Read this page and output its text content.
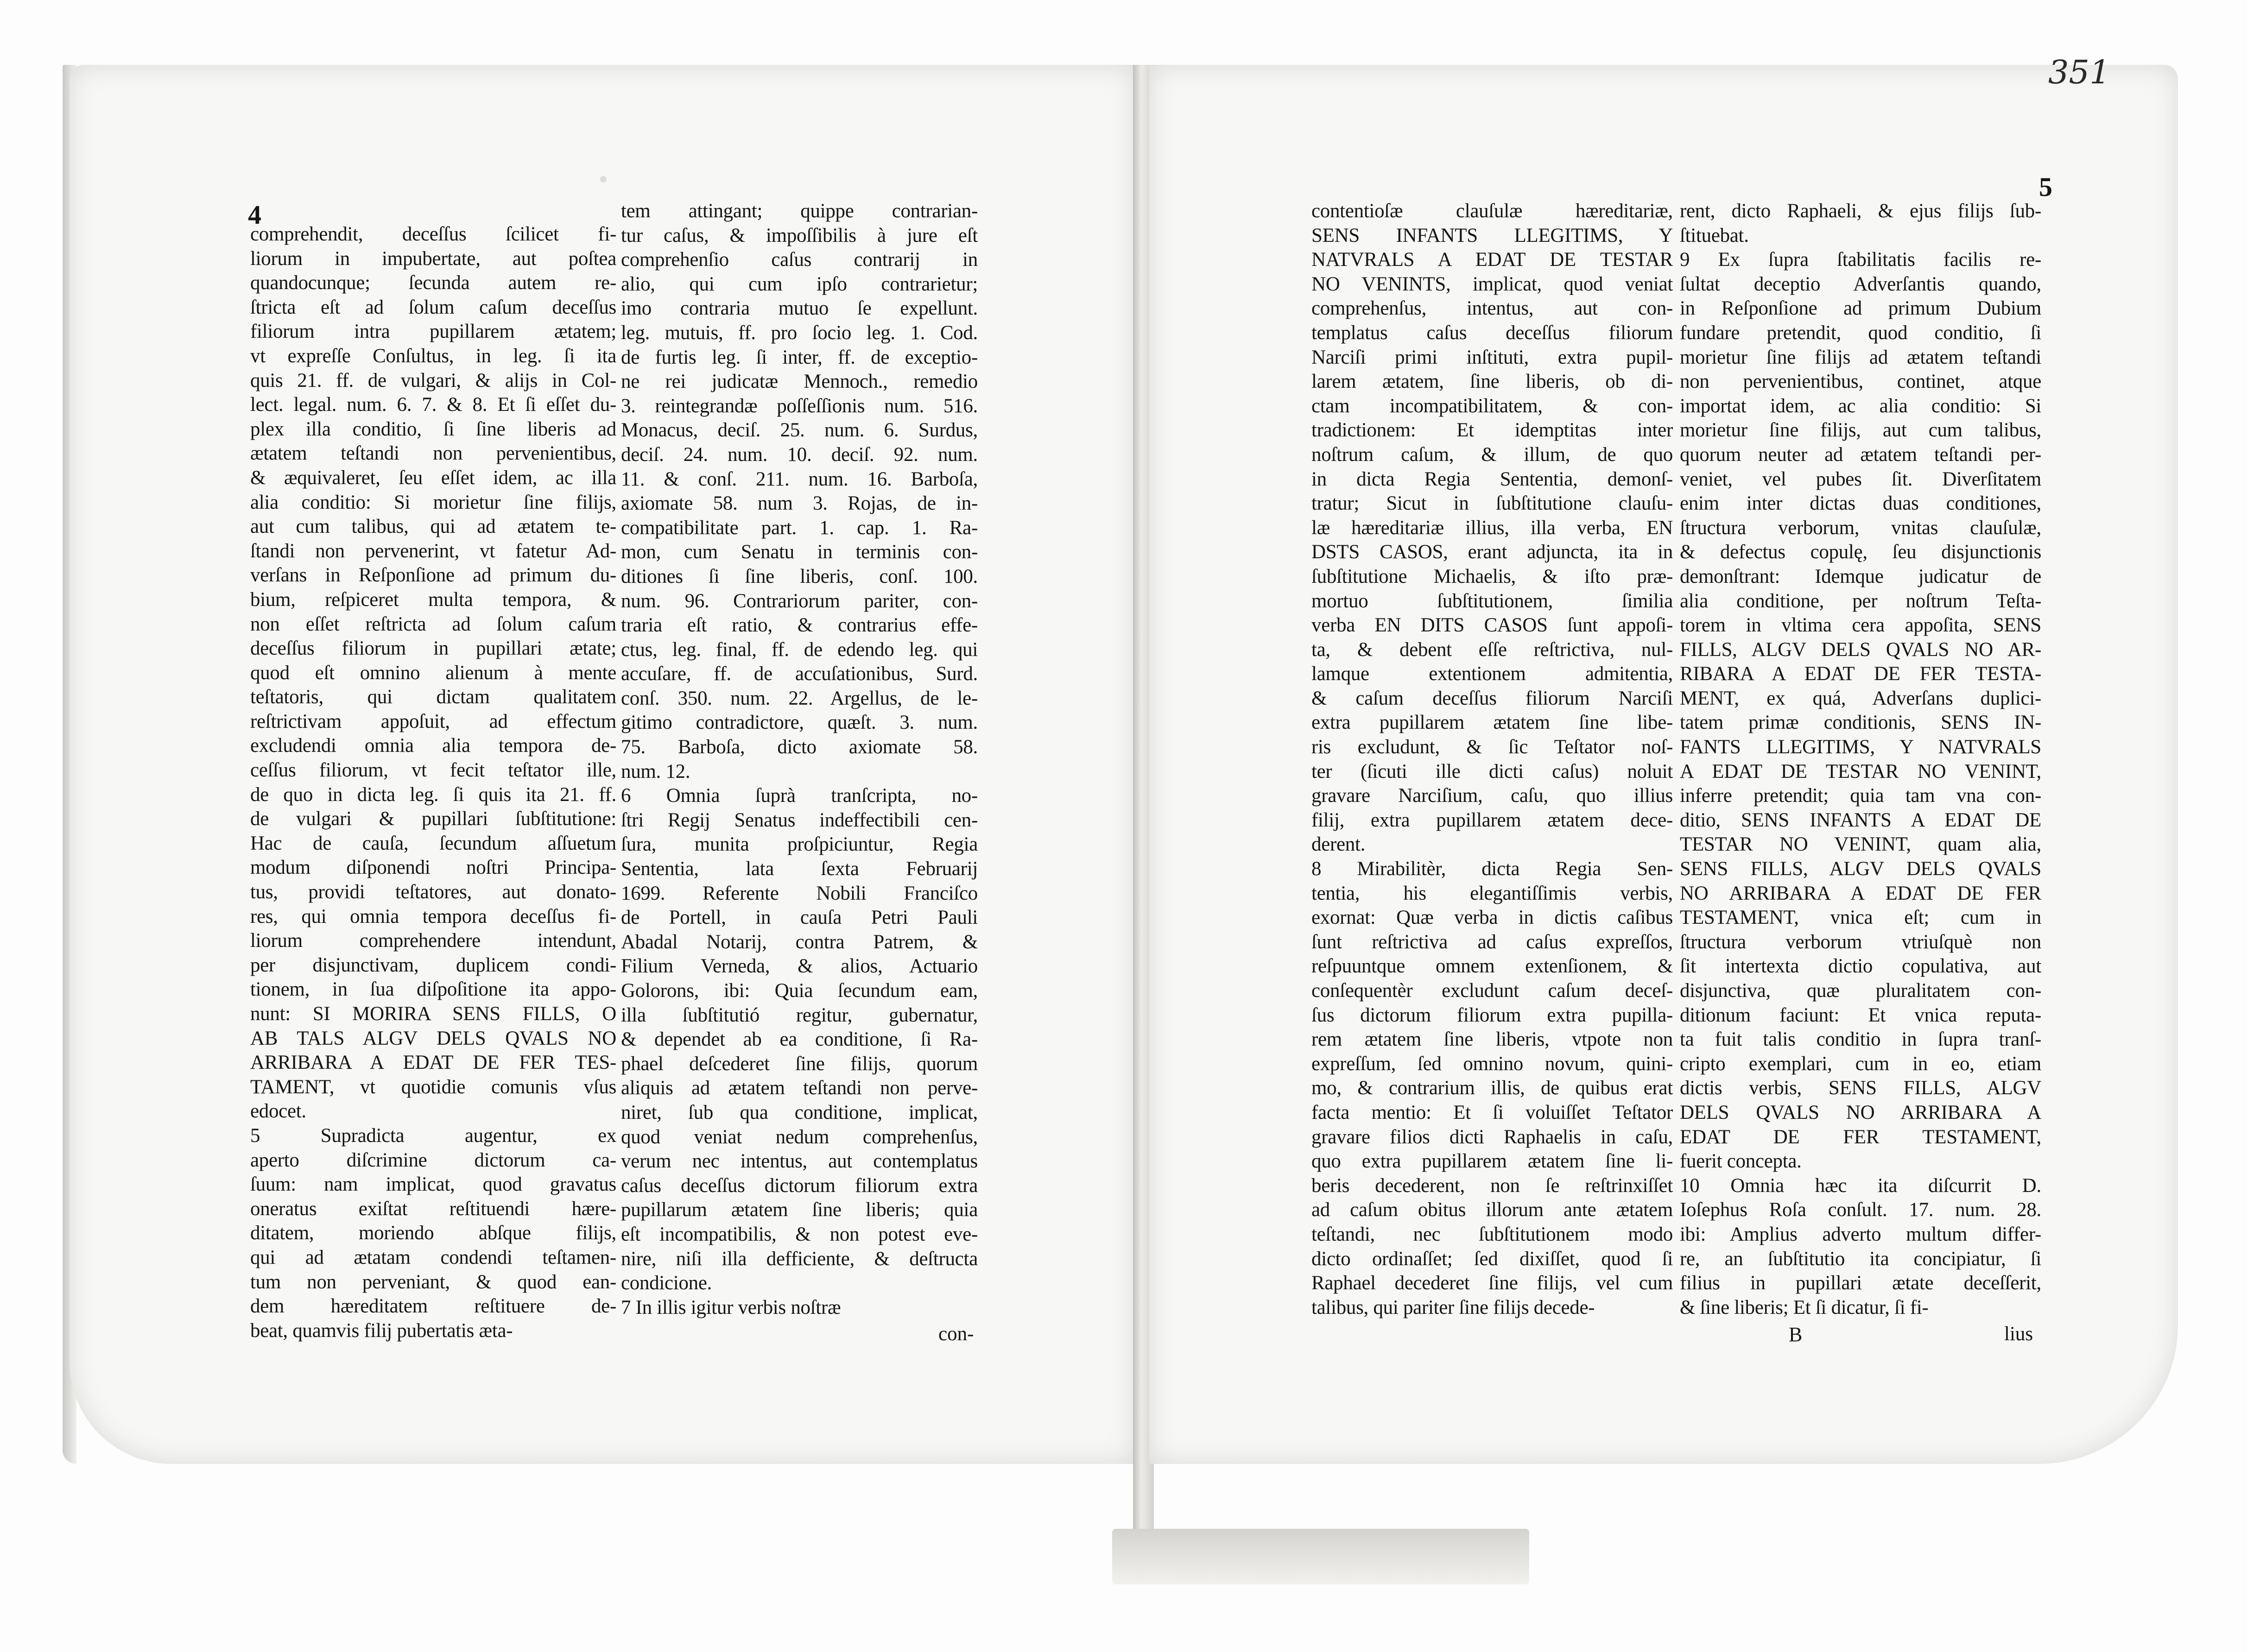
4
comprehendit, deceſſus ſcilicet fi-
liorum in impubertate, aut poſtea
quandocunque; ſecunda autem re-
ſtricta eſt ad ſolum caſum deceſſus
filiorum intra pupillarem ætatem;
vt expreſſe Conſultus, in leg. ſi ita
quis 21. ff. de vulgari, & alijs in Col-
lect. legal. num. 6. 7. & 8. Et ſi eſſet du-
plex illa conditio, ſi ſine liberis ad
ætatem teſtandi non pervenientibus,
& æquivaleret, ſeu eſſet idem, ac illa
alia conditio: Si morietur ſine filijs,
aut cum talibus, qui ad ætatem te-
ſtandi non pervenerint, vt fatetur Ad-
verſans in Reſponſione ad primum du-
bium, reſpiceret multa tempora, &
non eſſet reſtricta ad ſolum caſum
deceſſus filiorum in pupillari ætate;
quod eſt omnino alienum à mente
teſtatoris, qui dictam qualitatem
reſtrictivam appoſuit, ad effectum
excludendi omnia alia tempora de-
ceſſus filiorum, vt fecit teſtator ille,
de quo in dicta leg. ſi quis ita 21. ff.
de vulgari & pupillari ſubſtitutione:
Hac de cauſa, ſecundum aſſuetum
modum diſponendi noſtri Principa-
tus, providi teſtatores, aut donato-
res, qui omnia tempora deceſſus fi-
liorum comprehendere intendunt,
per disjunctivam, duplicem condi-
tionem, in ſua diſpoſitione ita appo-
nunt: SI MORIRA SENS FILLS, O
AB TALS ALGV DELS QVALS NO
ARRIBARA A EDAT DE FER TES-
TAMENT, vt quotidie comunis vſus
edocet.
5 Supradicta augentur, ex
aperto diſcrimine dictorum ca-
ſuum: nam implicat, quod gravatus
oneratus exiſtat reſtituendi hære-
ditatem, moriendo abſque filijs,
qui ad ætatam condendi teſtamen-
tum non perveniant, & quod ean-
dem hæreditatem reſtituere de-
beat, quamvis filij pubertatis æta-
tem attingant; quippe contrarian-
tur caſus, & impoſſibilis à jure eſt
comprehenſio caſus contrarij in
alio, qui cum ipſo contrarietur;
imo contraria mutuo ſe expellunt.
leg. mutuis, ff. pro ſocio leg. 1. Cod.
de furtis leg. ſi inter, ff. de exceptio-
ne rei judicatæ Mennoch., remedio
3. reintegrandæ poſſeſſionis num. 516.
Monacus, deciſ. 25. num. 6. Surdus,
deciſ. 24. num. 10. deciſ. 92. num.
11. & conſ. 211. num. 16. Barboſa,
axiomate 58. num 3. Rojas, de in-
compatibilitate part. 1. cap. 1. Ra-
mon, cum Senatu in terminis con-
ditiones ſi ſine liberis, conſ. 100.
num. 96. Contrariorum pariter, con-
traria eſt ratio, & contrarius effe-
ctus, leg. final, ff. de edendo leg. qui
accuſare, ff. de accuſationibus, Surd.
conſ. 350. num. 22. Argellus, de le-
gitimo contradictore, quæſt. 3. num.
75. Barboſa, dicto axiomate 58.
num. 12.
6 Omnia ſuprà tranſcripta, no-
ſtri Regij Senatus indeffectibili cen-
ſura, munita proſpiciuntur, Regia
Sententia, lata ſexta Februarij
1699. Referente Nobili Franciſco
de Portell, in cauſa Petri Pauli
Abadal Notarij, contra Patrem, &
Filium Verneda, & alios, Actuario
Golorons, ibi: Quia ſecundum eam,
illa ſubſtitutió regitur, gubernatur,
& dependet ab ea conditione, ſi Ra-
phael deſcederet ſine filijs, quorum
aliquis ad ætatem teſtandi non perve-
niret, ſub qua conditione, implicat,
quod veniat nedum comprehenſus,
verum nec intentus, aut contemplatus
caſus deceſſus dictorum filiorum extra
pupillarum ætatem ſine liberis; quia
eſt incompatibilis, & non potest eve-
nire, niſi illa defficiente, & deſtructa
condicione.
7 In illis igitur verbis noſtræ
con-
351
5
contentioſæ clauſulæ hæreditariæ,
SENS INFANTS LLEGITIMS, Y
NATVRALS A EDAT DE TESTAR
NO VENINTS, implicat, quod veniat
comprehenſus, intentus, aut con-
templatus caſus deceſſus filiorum
Narciſi primi inſtituti, extra pupil-
larem ætatem, ſine liberis, ob di-
ctam incompatibilitatem, & con-
tradictionem: Et idemptitas inter
noſtrum caſum, & illum, de quo
in dicta Regia Sententia, demonſ-
tratur; Sicut in ſubſtitutione clauſu-
læ hæreditariæ illius, illa verba, EN
DSTS CASOS, erant adjuncta, ita in
ſubſtitutione Michaelis, & iſto præ-
mortuo ſubſtitutionem, ſimilia
verba EN DITS CASOS ſunt appoſi-
ta, & debent eſſe reſtrictiva, nul-
lamque extentionem admitentia,
& caſum deceſſus filiorum Narciſi
extra pupillarem ætatem ſine libe-
ris excludunt, & ſic Teſtator noſ-
ter (ſicuti ille dicti caſus) noluit
gravare Narciſium, caſu, quo illius
filij, extra pupillarem ætatem dece-
derent.
8 Mirabilitèr, dicta Regia Sen-
tentia, his elegantiſſimis verbis,
exornat: Quæ verba in dictis caſibus
ſunt reſtrictiva ad caſus expreſſos,
reſpuuntque omnem extenſionem, &
conſequentèr excludunt caſum deceſ-
ſus dictorum filiorum extra pupilla-
rem ætatem ſine liberis, vtpote non
expreſſum, ſed omnino novum, quini-
mo, & contrarium illis, de quibus erat
facta mentio: Et ſi voluiſſet Teſtator
gravare filios dicti Raphaelis in caſu,
quo extra pupillarem ætatem ſine li-
beris decederent, non ſe reſtrinxiſſet
ad caſum obitus illorum ante ætatem
teſtandi, nec ſubſtitutionem modo
dicto ordinaſſet; ſed dixiſſet, quod ſi
Raphael decederet ſine filijs, vel cum
talibus, qui pariter ſine filijs decede-
rent, dicto Raphaeli, & ejus filijs ſub-
ſtituebat.
9 Ex ſupra ſtabilitatis facilis re-
ſultat deceptio Adverſantis quando,
in Reſponſione ad primum Dubium
fundare pretendit, quod conditio, ſi
morietur ſine filijs ad ætatem teſtandi
non pervenientibus, continet, atque
importat idem, ac alia conditio: Si
morietur ſine filijs, aut cum talibus,
quorum neuter ad ætatem teſtandi per-
veniet, vel pubes ſit. Diverſitatem
enim inter dictas duas conditiones,
ſtructura verborum, vnitas clauſulæ,
& defectus copulę, ſeu disjunctionis
demonſtrant: Idemque judicatur de
alia conditione, per noſtrum Teſta-
torem in vltima cera appoſita, SENS
FILLS, ALGV DELS QVALS NO AR-
RIBARA A EDAT DE FER TESTA-
MENT, ex quá, Adverſans duplici-
tatem primæ conditionis, SENS IN-
FANTS LLEGITIMS, Y NATVRALS
A EDAT DE TESTAR NO VENINT,
inferre pretendit; quia tam vna con-
ditio, SENS INFANTS A EDAT DE
TESTAR NO VENINT, quam alia,
SENS FILLS, ALGV DELS QVALS
NO ARRIBARA A EDAT DE FER
TESTAMENT, vnica eſt; cum in
ſtructura verborum vtriuſquè non
ſit intertexta dictio copulativa, aut
disjunctiva, quæ pluralitatem con-
ditionum faciunt: Et vnica reputa-
ta fuit talis conditio in ſupra tranſ-
cripto exemplari, cum in eo, etiam
dictis verbis, SENS FILLS, ALGV
DELS QVALS NO ARRIBARA A
EDAT DE FER TESTAMENT,
fuerit concepta.
10 Omnia hæc ita diſcurrit D.
Ioſephus Roſa conſult. 17. num. 28.
ibi: Amplius adverto multum differ-
re, an ſubſtitutio ita concipiatur, ſi
filius in pupillari ætate deceſſerit,
& ſine liberis; Et ſi dicatur, ſi fi-
B	lius
